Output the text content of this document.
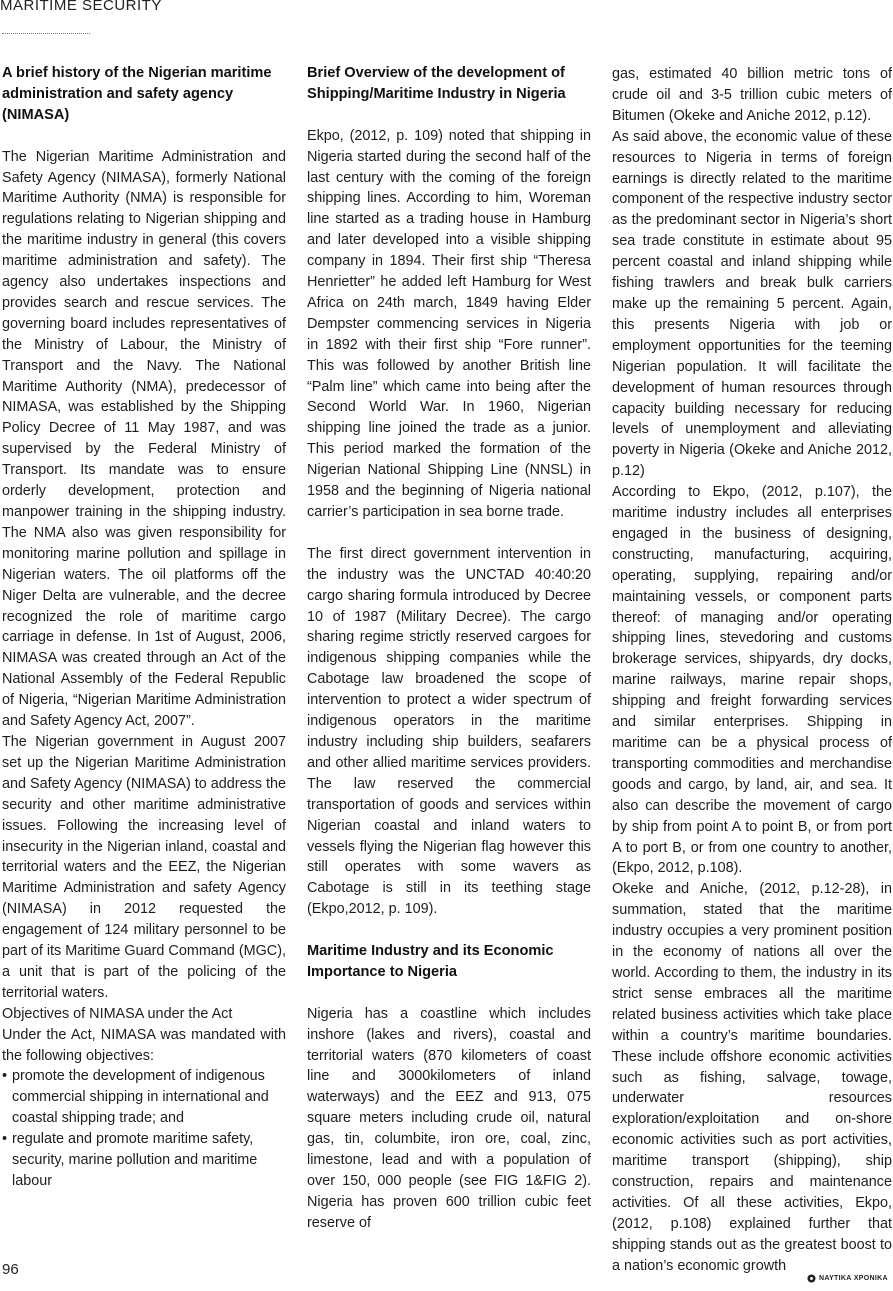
MARITIME SECURITY
A brief history of the Nigerian maritime administration and safety agency (NIMASA)

The Nigerian Maritime Administration and Safety Agency (NIMASA), formerly National Maritime Authority (NMA) is responsible for regulations relating to Nigerian shipping and the maritime industry in general (this covers maritime administration and safety). The agency also undertakes inspections and provides search and rescue services. The governing board includes representatives of the Ministry of Labour, the Ministry of Transport and the Navy. The National Maritime Authority (NMA), predecessor of NIMASA, was established by the Shipping Policy Decree of 11 May 1987, and was supervised by the Federal Ministry of Transport. Its mandate was to ensure orderly development, protection and manpower training in the shipping industry. The NMA also was given responsibility for monitoring marine pollution and spillage in Nigerian waters. The oil platforms off the Niger Delta are vulnerable, and the decree recognized the role of maritime cargo carriage in defense. In 1st of August, 2006, NIMASA was created through an Act of the National Assembly of the Federal Republic of Nigeria, “Nigerian Maritime Administration and Safety Agency Act, 2007”.

The Nigerian government in August 2007 set up the Nigerian Maritime Administration and Safety Agency (NIMASA) to address the security and other maritime administrative issues. Following the increasing level of insecurity in the Nigerian inland, coastal and territorial waters and the EEZ, the Nigerian Maritime Administration and safety Agency (NIMASA) in 2012 requested the engagement of 124 military personnel to be part of its Maritime Guard Command (MGC), a unit that is part of the policing of the territorial waters.

Objectives of NIMASA under the Act

Under the Act, NIMASA was mandated with the following objectives:

• promote the development of indigenous commercial shipping in international and coastal shipping trade; and
• regulate and promote maritime safety, security, marine pollution and maritime labour
Brief Overview of the development of Shipping/Maritime Industry in Nigeria

Ekpo, (2012, p. 109) noted that shipping in Nigeria started during the second half of the last century with the coming of the foreign shipping lines. According to him, Woreman line started as a trading house in Hamburg and later developed into a visible shipping company in 1894. Their first ship “Theresa Henrietter” he added left Hamburg for West Africa on 24th march, 1849 having Elder Dempster commencing services in Nigeria in 1892 with their first ship “Fore runner”. This was followed by another British line “Palm line” which came into being after the Second World War. In 1960, Nigerian shipping line joined the trade as a junior. This period marked the formation of the Nigerian National Shipping Line (NNSL) in 1958 and the beginning of Nigeria national carrier’s participation in sea borne trade.

The first direct government intervention in the industry was the UNCTAD 40:40:20 cargo sharing formula introduced by Decree 10 of 1987 (Military Decree). The cargo sharing regime strictly reserved cargoes for indigenous shipping companies while the Cabotage law broadened the scope of intervention to protect a wider spectrum of indigenous operators in the maritime industry including ship builders, seafarers and other allied maritime services providers. The law reserved the commercial transportation of goods and services within Nigerian coastal and inland waters to vessels flying the Nigerian flag however this still operates with some wavers as Cabotage is still in its teething stage (Ekpo,2012, p. 109).

Maritime Industry and its Economic Importance to Nigeria

Nigeria has a coastline which includes inshore (lakes and rivers), coastal and territorial waters (870 kilometers of coast line and 3000kilometers of inland waterways) and the EEZ and 913, 075 square meters including crude oil, natural gas, tin, columbite, iron ore, coal, zinc, limestone, lead and with a population of over 150, 000 people (see FIG 1&FIG 2). Nigeria has proven 600 trillion cubic feet reserve of

gas, estimated 40 billion metric tons of crude oil and 3-5 trillion cubic meters of Bitumen (Okeke and Aniche 2012, p.12).

As said above, the economic value of these resources to Nigeria in terms of foreign earnings is directly related to the maritime component of the respective industry sector as the predominant sector in Nigeria’s short sea trade constitute in estimate about 95 percent coastal and inland shipping while fishing trawlers and break bulk carriers make up the remaining 5 percent. Again, this presents Nigeria with job or employment opportunities for the teeming Nigerian population. It will facilitate the development of human resources through capacity building necessary for reducing levels of unemployment and alleviating poverty in Nigeria (Okeke and Aniche 2012, p.12)

According to Ekpo, (2012, p.107), the maritime industry includes all enterprises engaged in the business of designing, constructing, manufacturing, acquiring, operating, supplying, repairing and/or maintaining vessels, or component parts thereof: of managing and/or operating shipping lines, stevedoring and customs brokerage services, shipyards, dry docks, marine railways, marine repair shops, shipping and freight forwarding services and similar enterprises. Shipping in maritime can be a physical process of transporting commodities and merchandise goods and cargo, by land, air, and sea. It also can describe the movement of cargo by ship from point A to point B, or from port A to port B, or from one country to another, (Ekpo, 2012, p.108).

Okeke and Aniche, (2012, p.12-28), in summation, stated that the maritime industry occupies a very prominent position in the economy of nations all over the world. According to them, the industry in its strict sense embraces all the maritime related business activities which take place within a country’s maritime boundaries. These include offshore economic activities such as fishing, salvage, towage, underwater resources exploration/exploitation and on-shore economic activities such as port activities, maritime transport (shipping), ship construction, repairs and maintenance activities. Of all these activities, Ekpo, (2012, p.108) explained further that shipping stands out as the greatest boost to a nation’s economic growth

96
ΝΑΥΤΙΚΑ ΧΡΟΝΙΚΑ
